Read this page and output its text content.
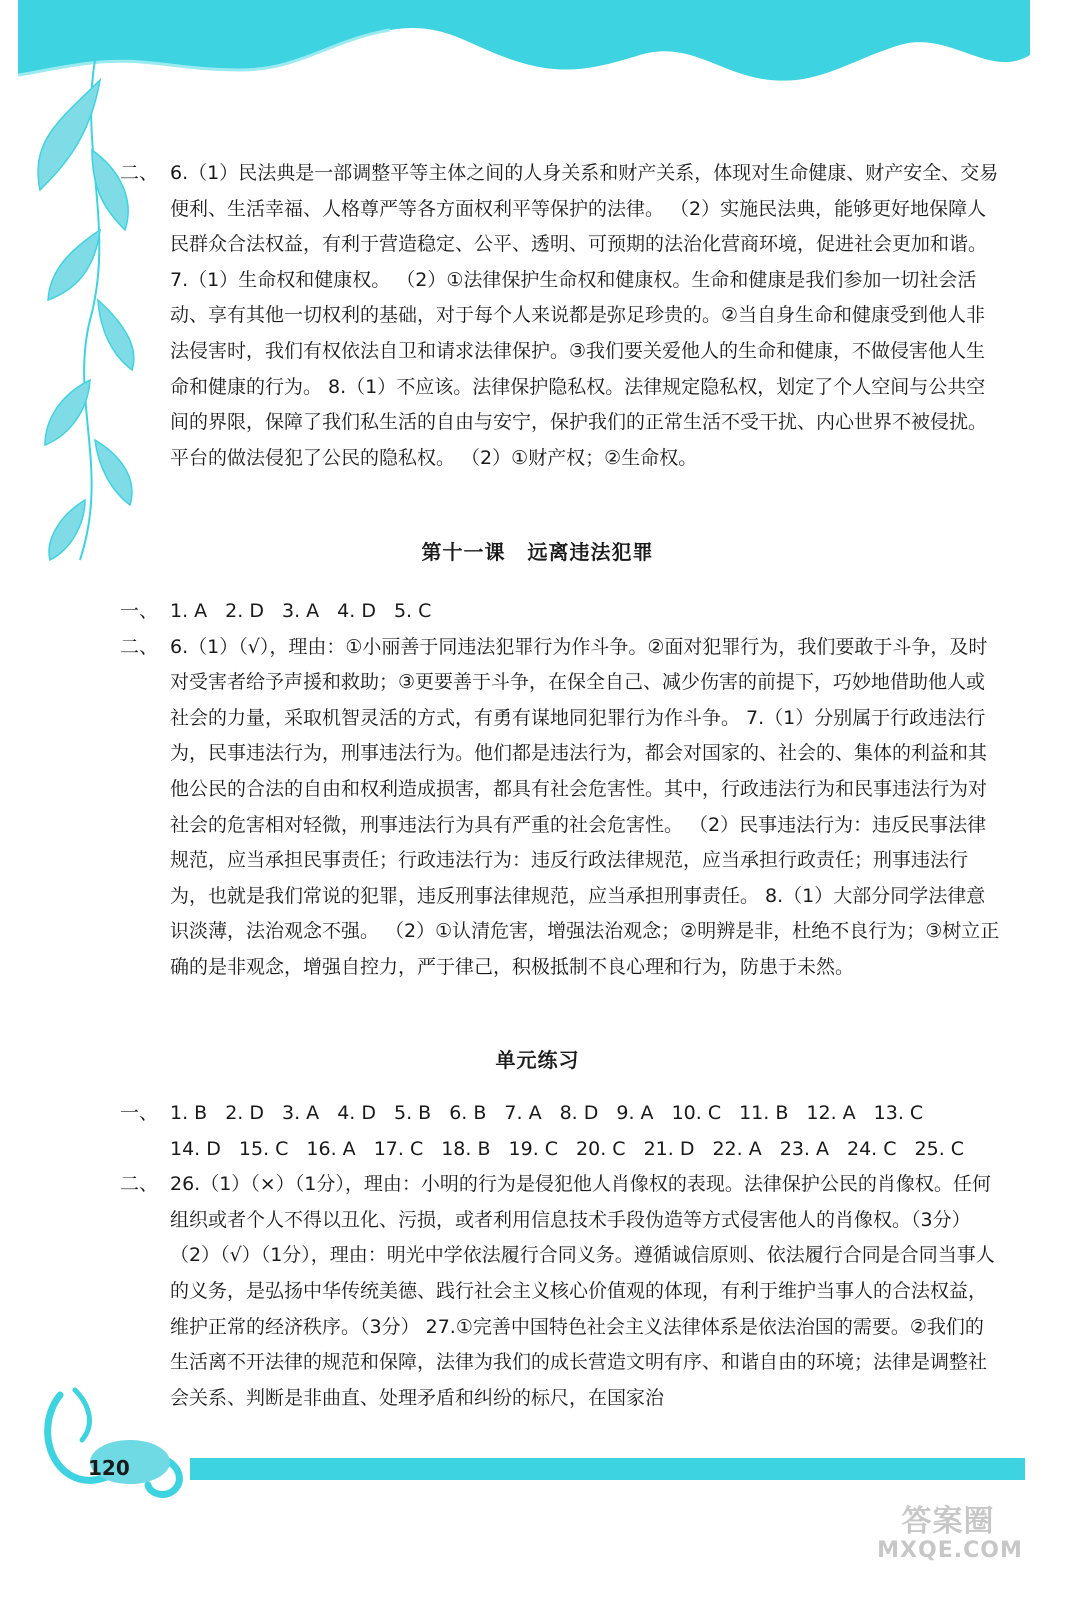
二、 6.（1）民法典是一部调整平等主体之间的人身关系和财产关系，体现对生命健康、财产安全、交易便利、生活幸福、人格尊严等各方面权利平等保护的法律。 （2）实施民法典，能够更好地保障人民群众合法权益，有利于营造稳定、公平、透明、可预期的法治化营商环境，促进社会更加和谐。 7.（1）生命权和健康权。 （2）①法律保护生命权和健康权。生命和健康是我们参加一切社会活动、享有其他一切权利的基础，对于每个人来说都是弥足珍贵的。②当自身生命和健康受到他人非法侵害时，我们有权依法自卫和请求法律保护。③我们要关爱他人的生命和健康，不做侵害他人生命和健康的行为。 8.（1）不应该。法律保护隐私权。法律规定隐私权，划定了个人空间与公共空间的界限，保障了我们私生活的自由与安宁，保护我们的正常生活不受干扰、内心世界不被侵扰。平台的做法侵犯了公民的隐私权。 （2）①财产权；②生命权。

第十一课 远离违法犯罪

一、 1. A 2. D 3. A 4. D 5. C

二、 6.（1）（√），理由：①小丽善于同违法犯罪行为作斗争。②面对犯罪行为，我们要敢于斗争，及时对受害者给予声援和救助；③更要善于斗争，在保全自己、减少伤害的前提下，巧妙地借助他人或社会的力量，采取机智灵活的方式，有勇有谋地同犯罪行为作斗争。 7.（1）分别属于行政违法行为，民事违法行为，刑事违法行为。他们都是违法行为，都会对国家的、社会的、集体的利益和其他公民的合法的自由和权利造成损害，都具有社会危害性。其中，行政违法行为和民事违法行为对社会的危害相对轻微，刑事违法行为具有严重的社会危害性。 （2）民事违法行为：违反民事法律规范，应当承担民事责任；行政违法行为：违反行政法律规范，应当承担行政责任；刑事违法行为，也就是我们常说的犯罪，违反刑事法律规范，应当承担刑事责任。 8.（1）大部分同学法律意识淡薄，法治观念不强。 （2）①认清危害，增强法治观念；②明辨是非，杜绝不良行为；③树立正确的是非观念，增强自控力，严于律己，积极抵制不良心理和行为，防患于未然。

单元练习

一、 1. B 2. D 3. A 4. D 5. B 6. B 7. A 8. D 9. A 10. C 11. B 12. A 13. C14. D 15. C 16. A 17. C 18. B 19. C 20. C 21. D 22. A 23. A 24. C 25. C

二、 26.（1）（×）（1分），理由：小明的行为是侵犯他人肖像权的表现。法律保护公民的肖像权。任何组织或者个人不得以丑化、污损，或者利用信息技术手段伪造等方式侵害他人的肖像权。（3分） （2）（√）（1分），理由：明光中学依法履行合同义务。遵循诚信原则、依法履行合同是合同当事人的义务，是弘扬中华传统美德、践行社会主义核心价值观的体现，有利于维护当事人的合法权益，维护正常的经济秩序。（3分） 27.①完善中国特色社会主义法律体系是依法治国的需要。②我们的生活离不开法律的规范和保障，法律为我们的成长营造文明有序、和谐自由的环境；法律是调整社会关系、判断是非曲直、处理矛盾和纠纷的标尺，在国家治

120
答案圈
MXQE.COM
